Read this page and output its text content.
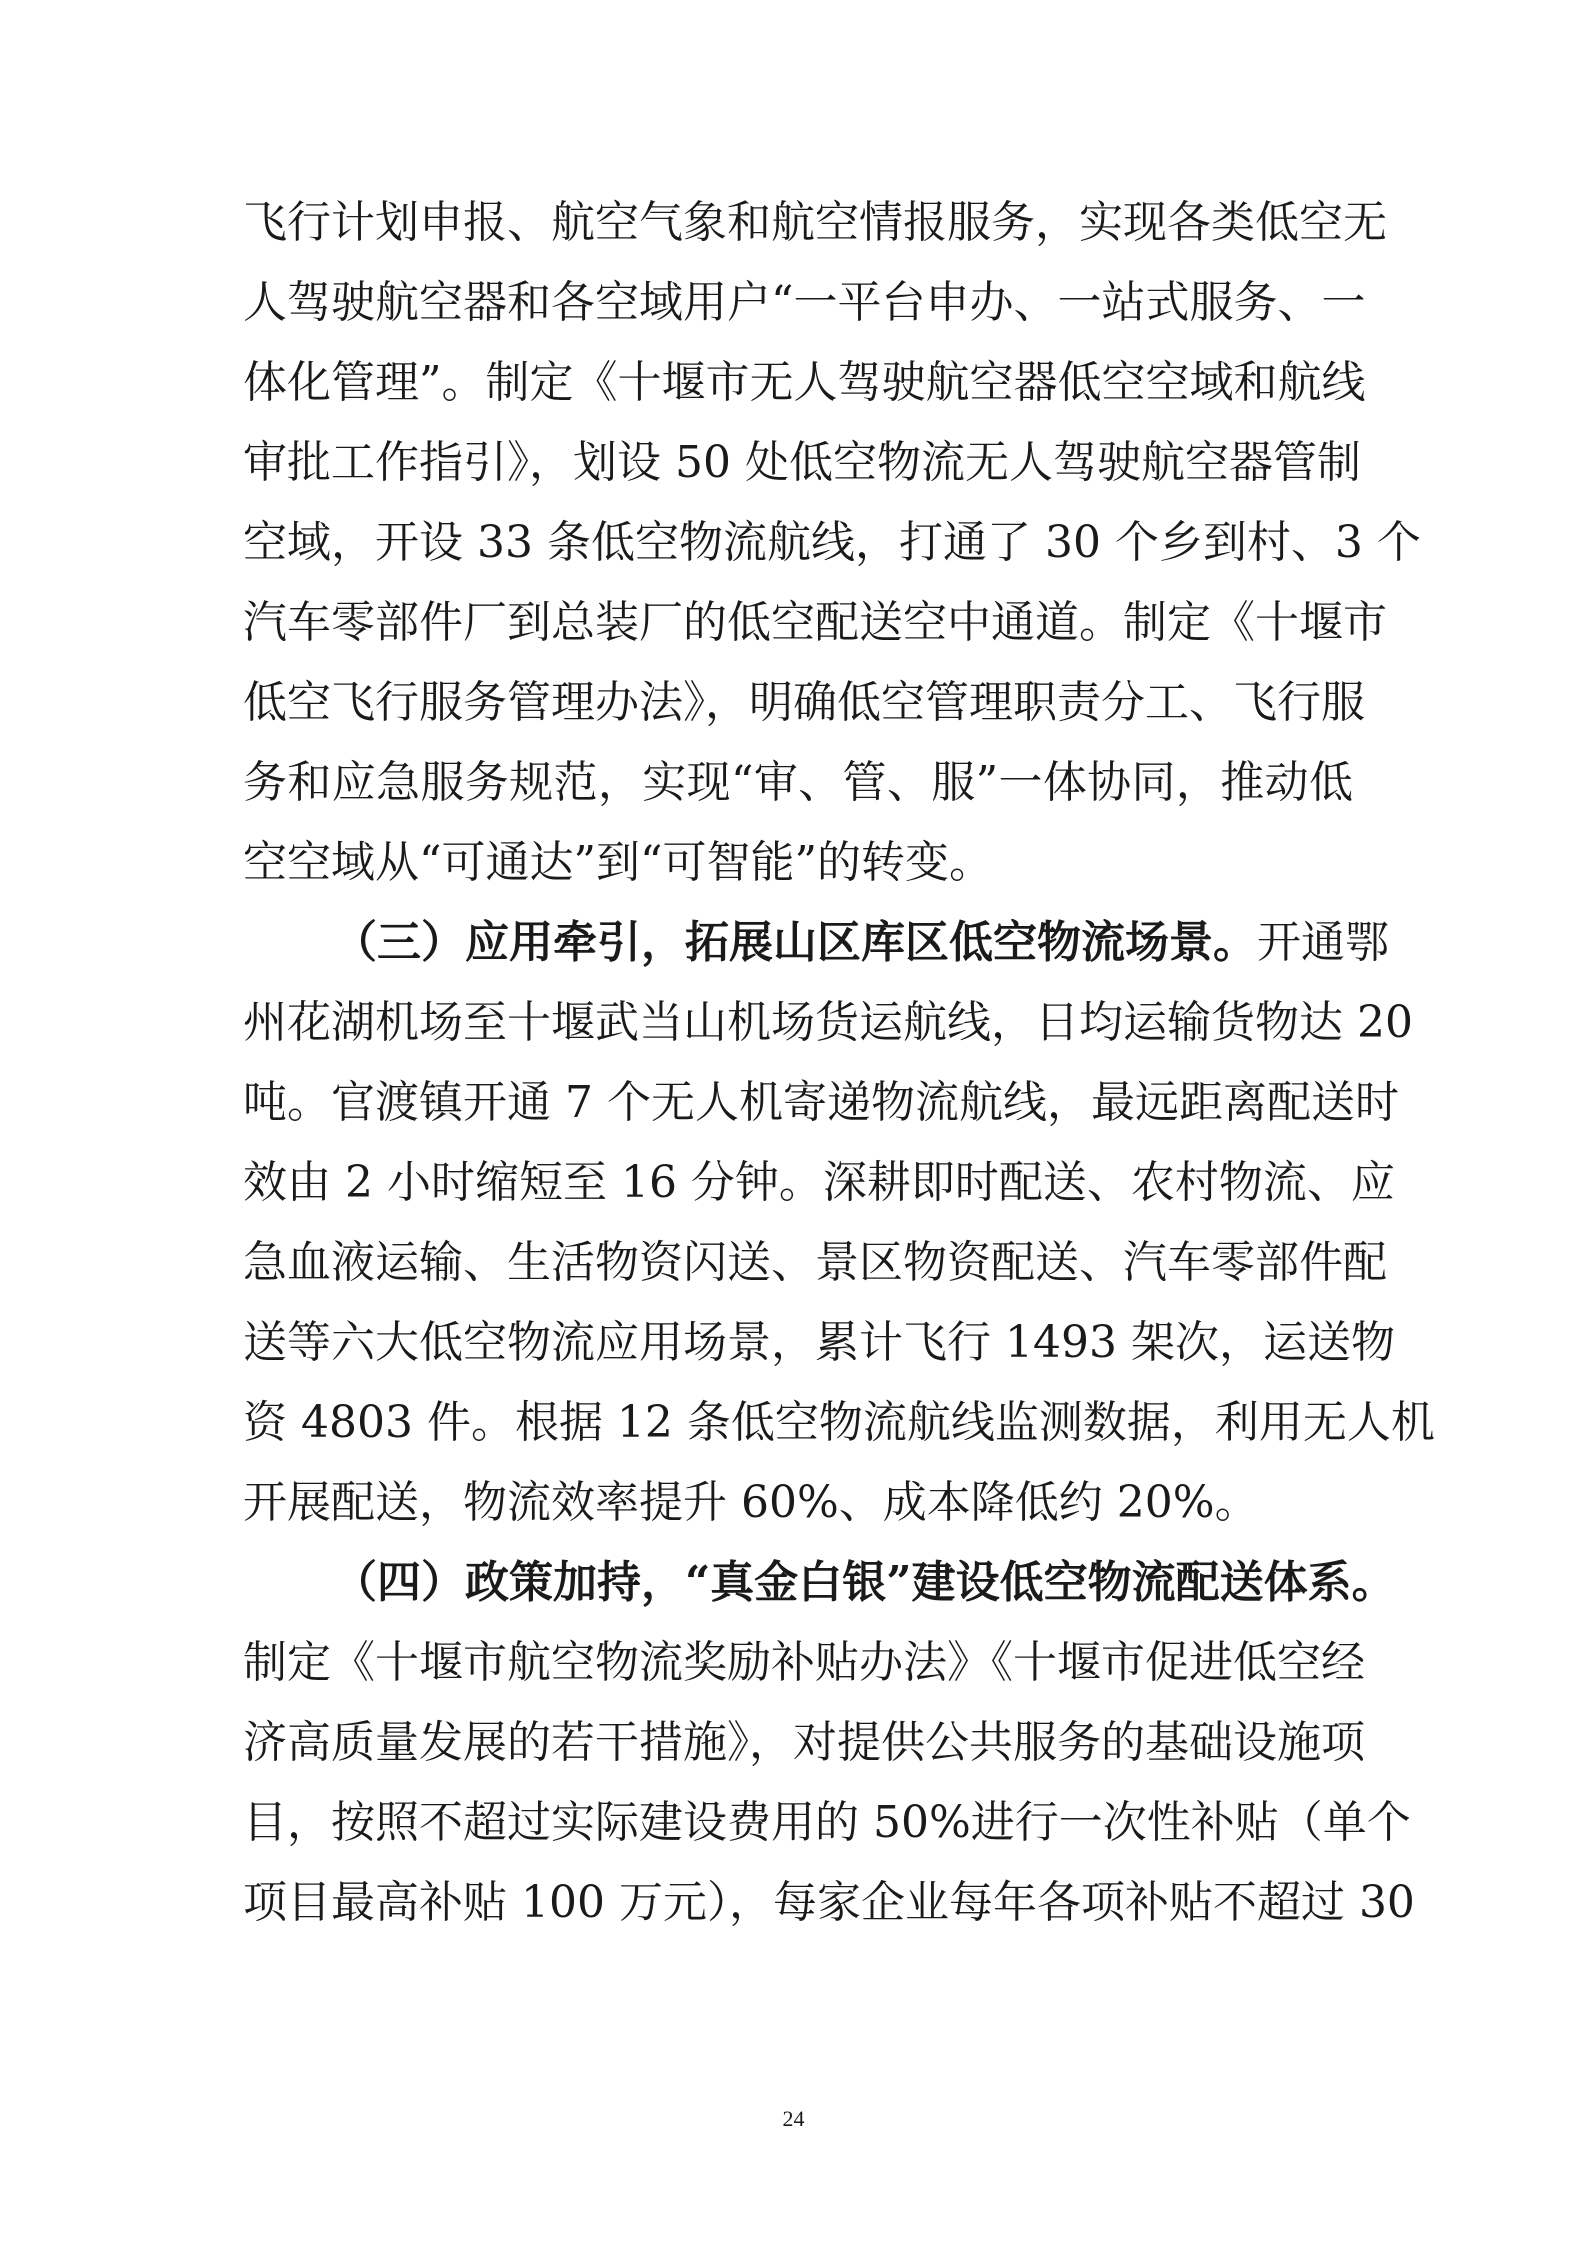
飞行计划申报、航空气象和航空情报服务，实现各类低空无
人驾驶航空器和各空域用户“一平台申办、一站式服务、一
体化管理”。制定《十堰市无人驾驶航空器低空空域和航线
审批工作指引》，划设 50 处低空物流无人驾驶航空器管制
空域，开设 33 条低空物流航线，打通了 30 个乡到村、3 个
汽车零部件厂到总装厂的低空配送空中通道。制定《十堰市
低空飞行服务管理办法》，明确低空管理职责分工、飞行服
务和应急服务规范，实现“审、管、服”一体协同，推动低
空空域从“可通达”到“可智能”的转变。
（三）应用牵引，拓展山区库区低空物流场景。开通鄂
州花湖机场至十堰武当山机场货运航线，日均运输货物达 20
吨。官渡镇开通 7 个无人机寄递物流航线，最远距离配送时
效由 2 小时缩短至 16 分钟。深耕即时配送、农村物流、应
急血液运输、生活物资闪送、景区物资配送、汽车零部件配
送等六大低空物流应用场景，累计飞行 1493 架次，运送物
资 4803 件。根据 12 条低空物流航线监测数据，利用无人机
开展配送，物流效率提升 60%、成本降低约 20%。
（四）政策加持，“真金白银”建设低空物流配送体系。
制定《十堰市航空物流奖励补贴办法》《十堰市促进低空经
济高质量发展的若干措施》，对提供公共服务的基础设施项
目，按照不超过实际建设费用的 50%进行一次性补贴（单个
项目最高补贴 100 万元），每家企业每年各项补贴不超过 30
24
